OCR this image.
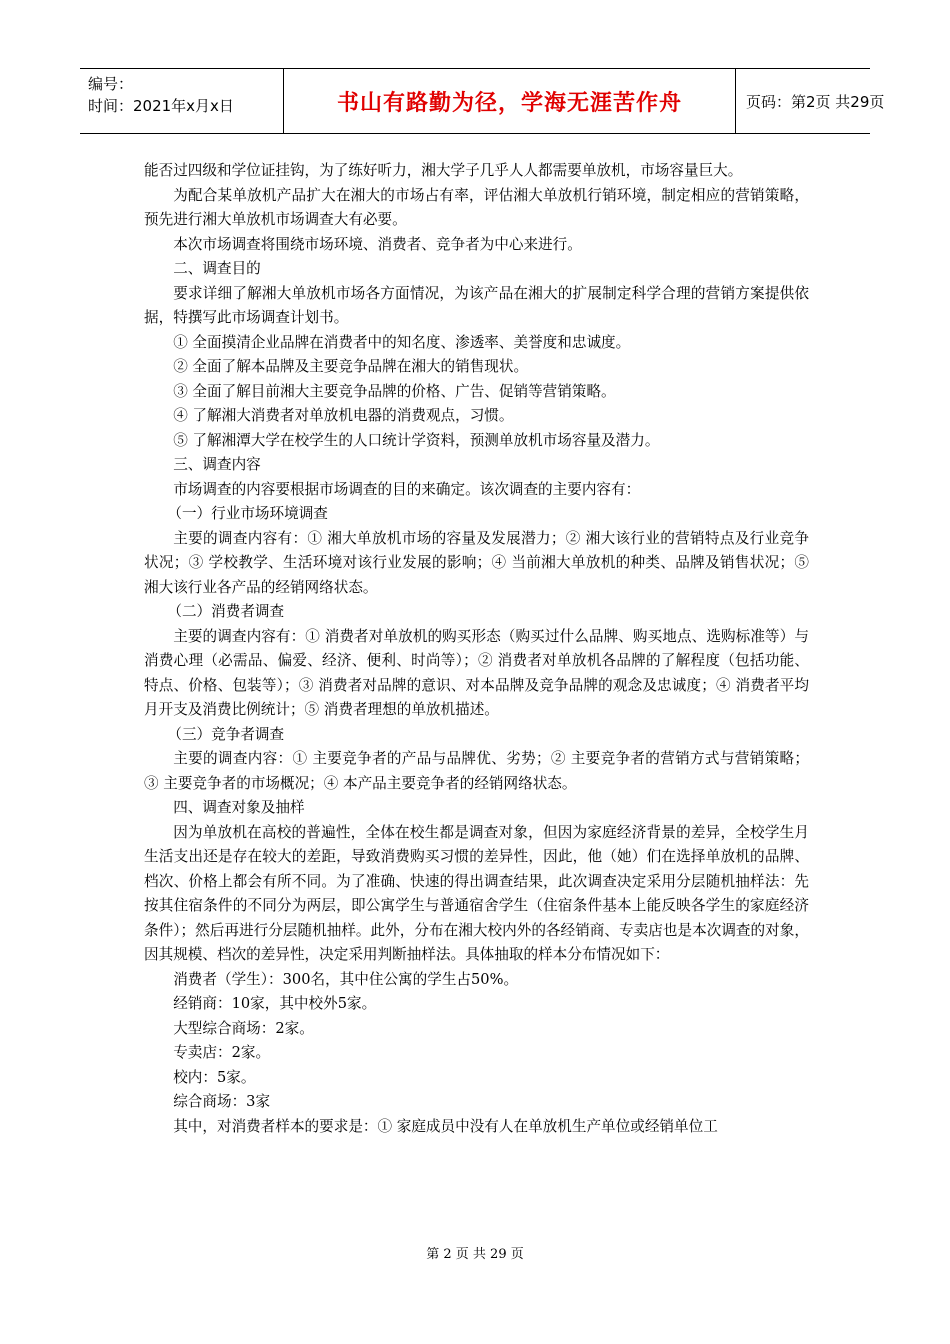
编号：
时间：2021年x月x日	书山有路勤为径，学海无涯苦作舟	页码：第2页 共29页

能否过四级和学位证挂钩，为了练好听力，湘大学子几乎人人都需要单放机，市场容量巨大。

为配合某单放机产品扩大在湘大的市场占有率，评估湘大单放机行销环境，制定相应的营销策略，预先进行湘大单放机市场调查大有必要。

本次市场调查将围绕市场环境、消费者、竞争者为中心来进行。

二、调查目的

要求详细了解湘大单放机市场各方面情况，为该产品在湘大的扩展制定科学合理的营销方案提供依据，特撰写此市场调查计划书。

① 全面摸清企业品牌在消费者中的知名度、渗透率、美誉度和忠诚度。

② 全面了解本品牌及主要竞争品牌在湘大的销售现状。

③ 全面了解目前湘大主要竞争品牌的价格、广告、促销等营销策略。

④ 了解湘大消费者对单放机电器的消费观点，习惯。

⑤ 了解湘潭大学在校学生的人口统计学资料，预测单放机市场容量及潜力。

三、调查内容

市场调查的内容要根据市场调查的目的来确定。该次调查的主要内容有：

（一）行业市场环境调查

主要的调查内容有：① 湘大单放机市场的容量及发展潜力；② 湘大该行业的营销特点及行业竞争状况；③ 学校教学、生活环境对该行业发展的影响；④ 当前湘大单放机的种类、品牌及销售状况；⑤ 湘大该行业各产品的经销网络状态。

（二）消费者调查

主要的调查内容有：① 消费者对单放机的购买形态（购买过什么品牌、购买地点、选购标准等）与消费心理（必需品、偏爱、经济、便利、时尚等）；② 消费者对单放机各品牌的了解程度（包括功能、特点、价格、包装等）；③ 消费者对品牌的意识、对本品牌及竞争品牌的观念及忠诚度；④ 消费者平均月开支及消费比例统计；⑤ 消费者理想的单放机描述。

（三）竞争者调查

主要的调查内容：① 主要竞争者的产品与品牌优、劣势；② 主要竞争者的营销方式与营销策略；③ 主要竞争者的市场概况；④ 本产品主要竞争者的经销网络状态。

四、调查对象及抽样

因为单放机在高校的普遍性，全体在校生都是调查对象，但因为家庭经济背景的差异，全校学生月生活支出还是存在较大的差距，导致消费购买习惯的差异性，因此，他（她）们在选择单放机的品牌、档次、价格上都会有所不同。为了准确、快速的得出调查结果，此次调查决定采用分层随机抽样法：先按其住宿条件的不同分为两层，即公寓学生与普通宿舍学生（住宿条件基本上能反映各学生的家庭经济条件）；然后再进行分层随机抽样。此外，分布在湘大校内外的各经销商、专卖店也是本次调查的对象，因其规模、档次的差异性，决定采用判断抽样法。具体抽取的样本分布情况如下：

消费者（学生）：300名，其中住公寓的学生占50%。

经销商：10家，其中校外5家。

大型综合商场：2家。

专卖店：2家。

校内：5家。

综合商场：3家

其中，对消费者样本的要求是：① 家庭成员中没有人在单放机生产单位或经销单位工

第 2 页 共 29 页
